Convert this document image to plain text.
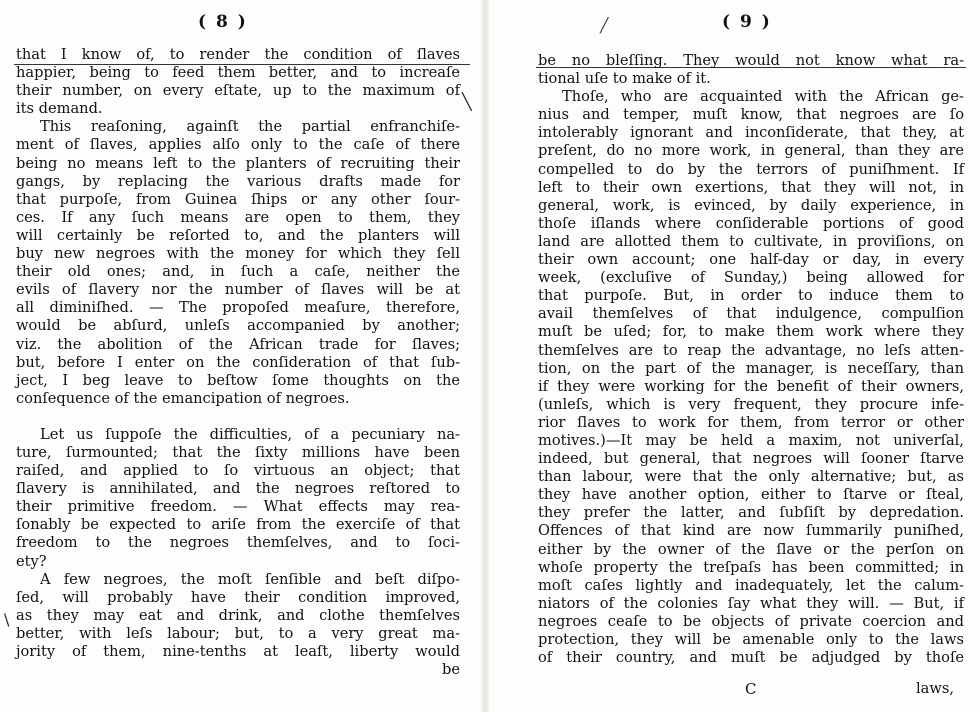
( 8 )
╲
\
that I know of, to render the condition of ſlaves
happier, being to feed them better, and to increaſe
their number, on every eſtate, up to the maximum of
its demand.
This reaſoning, againſt the partial enfranchiſe-
ment of ſlaves, applies alſo only to the caſe of there
being no means left to the planters of recruiting their
gangs, by replacing the various drafts made for
that purpoſe, from Guinea ſhips or any other ſour-
ces. If any ſuch means are open to them, they
will certainly be reſorted to, and the planters will
buy new negroes with the money for which they ſell
their old ones; and, in ſuch a caſe, neither the
evils of ſlavery nor the number of ſlaves will be at
all diminiſhed. — The propoſed meaſure, therefore,
would be abſurd, unleſs accompanied by another;
viz. the abolition of the African trade for ſlaves;
but, before I enter on the conſideration of that ſub-
ject, I beg leave to beſtow ſome thoughts on the
conſequence of the emancipation of negroes.
Let us ſuppoſe the difficulties, of a pecuniary na-
ture, ſurmounted; that the ſixty millions have been
raiſed, and applied to ſo virtuous an object; that
ſlavery is annihilated, and the negroes reſtored to
their primitive freedom. — What effects may rea-
ſonably be expected to ariſe from the exerciſe of that
freedom to the negroes themſelves, and to ſoci-
ety?
A few negroes, the moſt ſenſible and beſt diſpo-
ſed, will probably have their condition improved,
as they may eat and drink, and clothe themſelves
better, with leſs labour; but, to a very great ma-
jority of them, nine-tenths at leaſt, liberty would
be
╱	( 9 )
be no bleſſing. They would not know what ra-
tional uſe to make of it.
Thoſe, who are acquainted with the African ge-
nius and temper, muſt know, that negroes are ſo
intolerably ignorant and inconſiderate, that they, at
preſent, do no more work, in general, than they are
compelled to do by the terrors of puniſhment. If
left to their own exertions, that they will not, in
general, work, is evinced, by daily experience, in
thoſe iſlands where conſiderable portions of good
land are allotted them to cultivate, in proviſions, on
their own account; one half-day or day, in every
week, (excluſive of Sunday,) being allowed for
that purpoſe. But, in order to induce them to
avail themſelves of that indulgence, compulſion
muſt be uſed; for, to make them work where they
themſelves are to reap the advantage, no leſs atten-
tion, on the part of the manager, is neceſſary, than
if they were working for the benefit of their owners,
(unleſs, which is very frequent, they procure infe-
rior ſlaves to work for them, from terror or other
motives.)—It may be held a maxim, not univerſal,
indeed, but general, that negroes will ſooner ſtarve
than labour, were that the only alternative; but, as
they have another option, either to ſtarve or ſteal,
they prefer the latter, and ſubſiſt by depredation.
Offences of that kind are now ſummarily puniſhed,
either by the owner of the ſlave or the perſon on
whoſe property the treſpaſs has been committed; in
moſt caſes lightly and inadequately, let the calum-
niators of the colonies ſay what they will. — But, if
negroes ceaſe to be objects of private coercion and
protection, they will be amenable only to the laws
of their country, and muſt be adjudged by thoſe
C	laws,
